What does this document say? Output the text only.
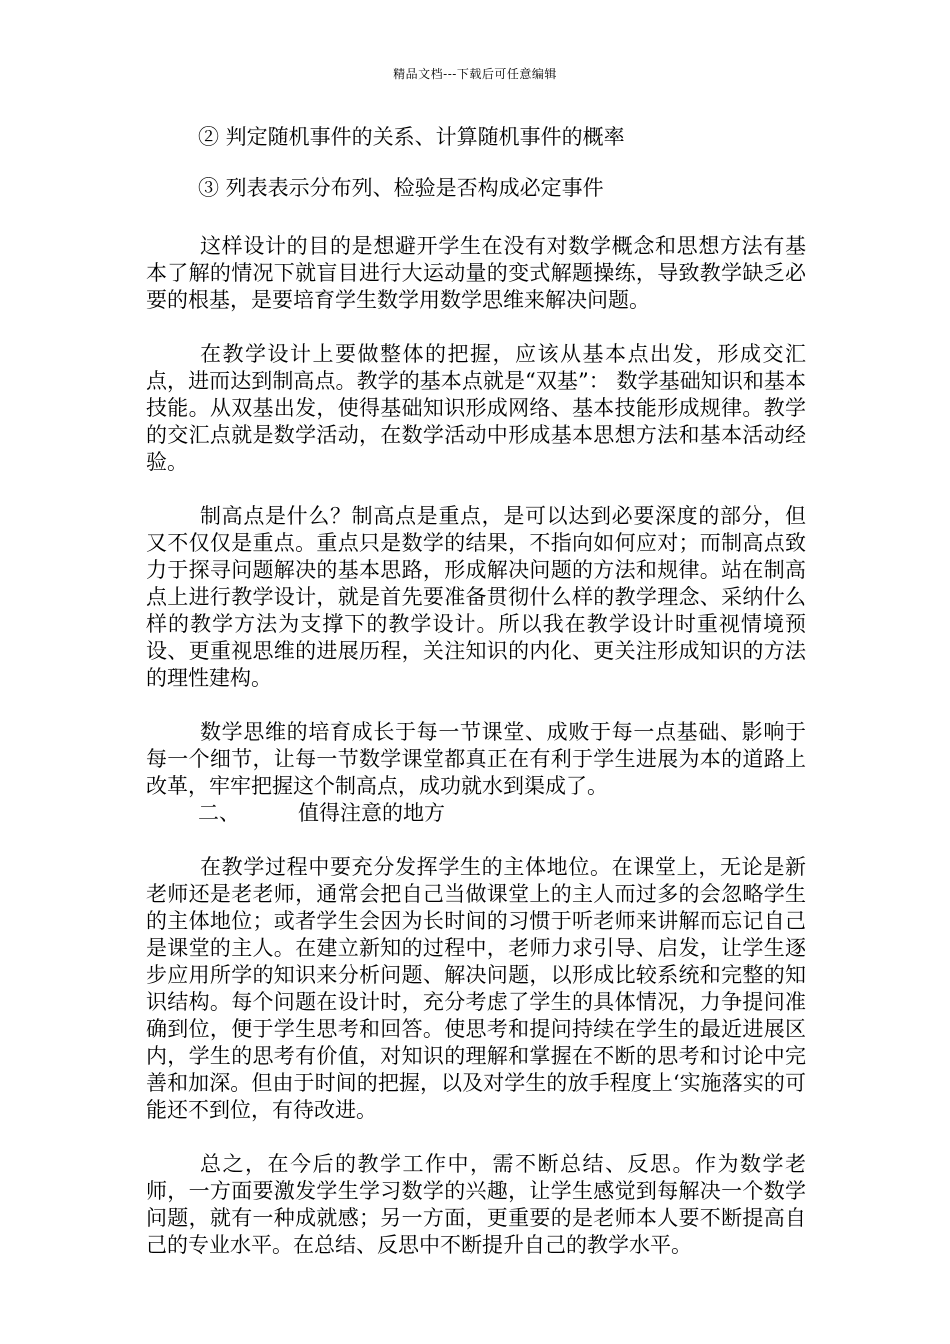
精品文档---下载后可任意编辑

② 判定随机事件的关系、计算随机事件的概率

③ 列表表示分布列、检验是否构成必定事件

这样设计的目的是想避开学生在没有对数学概念和思想方法有基本了解的情况下就盲目进行大运动量的变式解题操练，导致教学缺乏必要的根基，是要培育学生数学用数学思维来解决问题。

在教学设计上要做整体的把握，应该从基本点出发，形成交汇点，进而达到制高点。教学的基本点就是“双基”： 数学基础知识和基本技能。从双基出发，使得基础知识形成网络、基本技能形成规律。教学的交汇点就是数学活动，在数学活动中形成基本思想方法和基本活动经验。

制高点是什么？制高点是重点，是可以达到必要深度的部分，但又不仅仅是重点。重点只是数学的结果，不指向如何应对；而制高点致力于探寻问题解决的基本思路，形成解决问题的方法和规律。站在制高点上进行教学设计，就是首先要准备贯彻什么样的教学理念、采纳什么样的教学方法为支撑下的教学设计。所以我在教学设计时重视情境预设、更重视思维的进展历程，关注知识的内化、更关注形成知识的方法的理性建构。

数学思维的培育成长于每一节课堂、成败于每一点基础、影响于每一个细节，让每一节数学课堂都真正在有利于学生进展为本的道路上改革，牢牢把握这个制高点，成功就水到渠成了。

二、	值得注意的地方

在教学过程中要充分发挥学生的主体地位。在课堂上，无论是新老师还是老老师，通常会把自己当做课堂上的主人而过多的会忽略学生的主体地位；或者学生会因为长时间的习惯于听老师来讲解而忘记自己是课堂的主人。在建立新知的过程中，老师力求引导、启发，让学生逐步应用所学的知识来分析问题、解决问题，以形成比较系统和完整的知识结构。每个问题在设计时，充分考虑了学生的具体情况，力争提问准确到位，便于学生思考和回答。使思考和提问持续在学生的最近进展区内，学生的思考有价值，对知识的理解和掌握在不断的思考和讨论中完善和加深。但由于时间的把握，以及对学生的放手程度上‘实施落实的可能还不到位，有待改进。

总之，在今后的教学工作中，需不断总结、反思。作为数学老师，一方面要激发学生学习数学的兴趣，让学生感觉到每解决一个数学问题，就有一种成就感；另一方面，更重要的是老师本人要不断提高自己的专业水平。在总结、反思中不断提升自己的教学水平。
